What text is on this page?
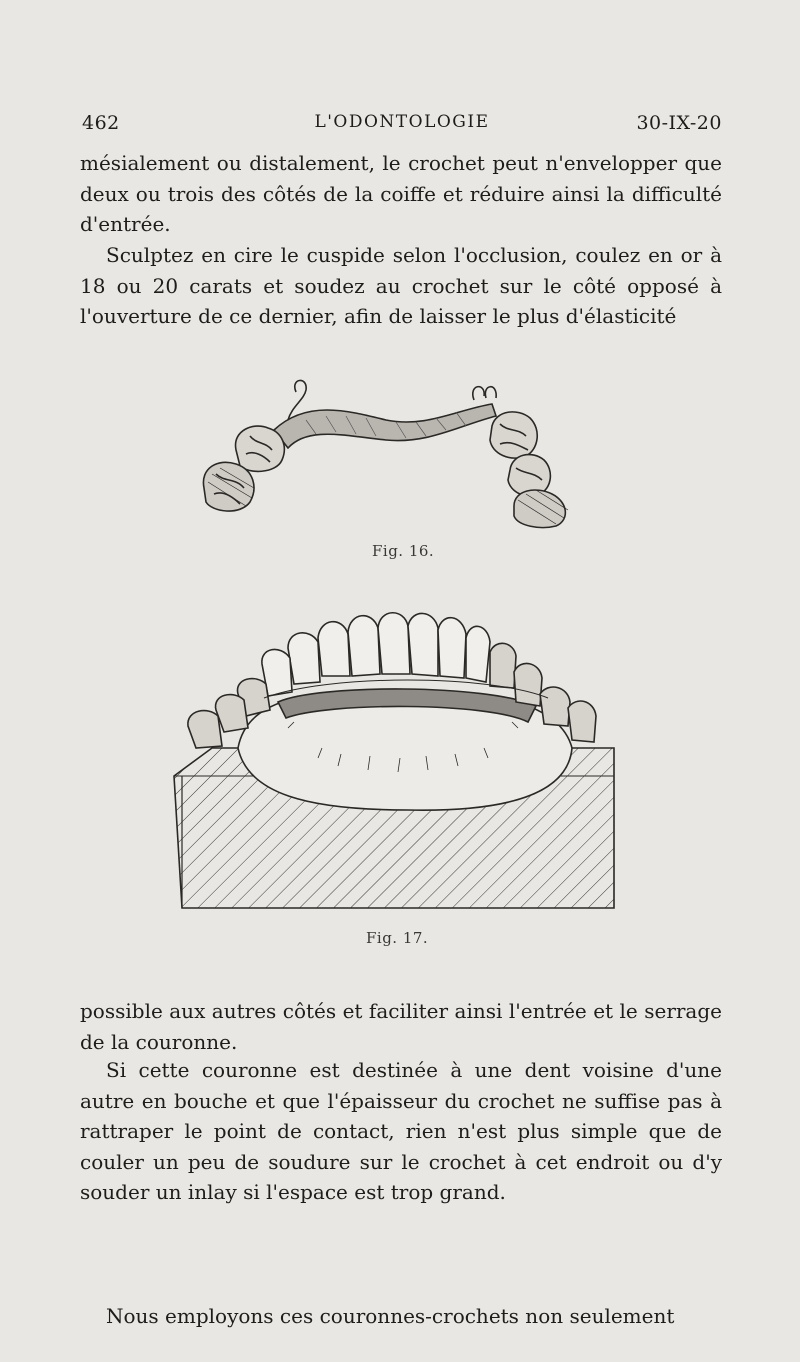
462	L'ODONTOLOGIE	30-IX-20

mésialement ou distalement, le crochet peut n'envelopper que deux ou trois des côtés de la coiffe et réduire ainsi la difficulté d'entrée.

Sculptez en cire le cuspide selon l'occlusion, coulez en or à 18 ou 20 carats et soudez au crochet sur le côté opposé à l'ouverture de ce dernier, afin de laisser le plus d'élasticité

Fig. 16.
Fig. 17.

possible aux autres côtés et faciliter ainsi l'entrée et le serrage de la couronne.

Si cette couronne est destinée à une dent voisine d'une autre en bouche et que l'épaisseur du crochet ne suffise pas à rattraper le point de contact, rien n'est plus simple que de couler un peu de soudure sur le crochet à cet endroit ou d'y souder un inlay si l'espace est trop grand.

Nous employons ces couronnes-crochets non seulement
